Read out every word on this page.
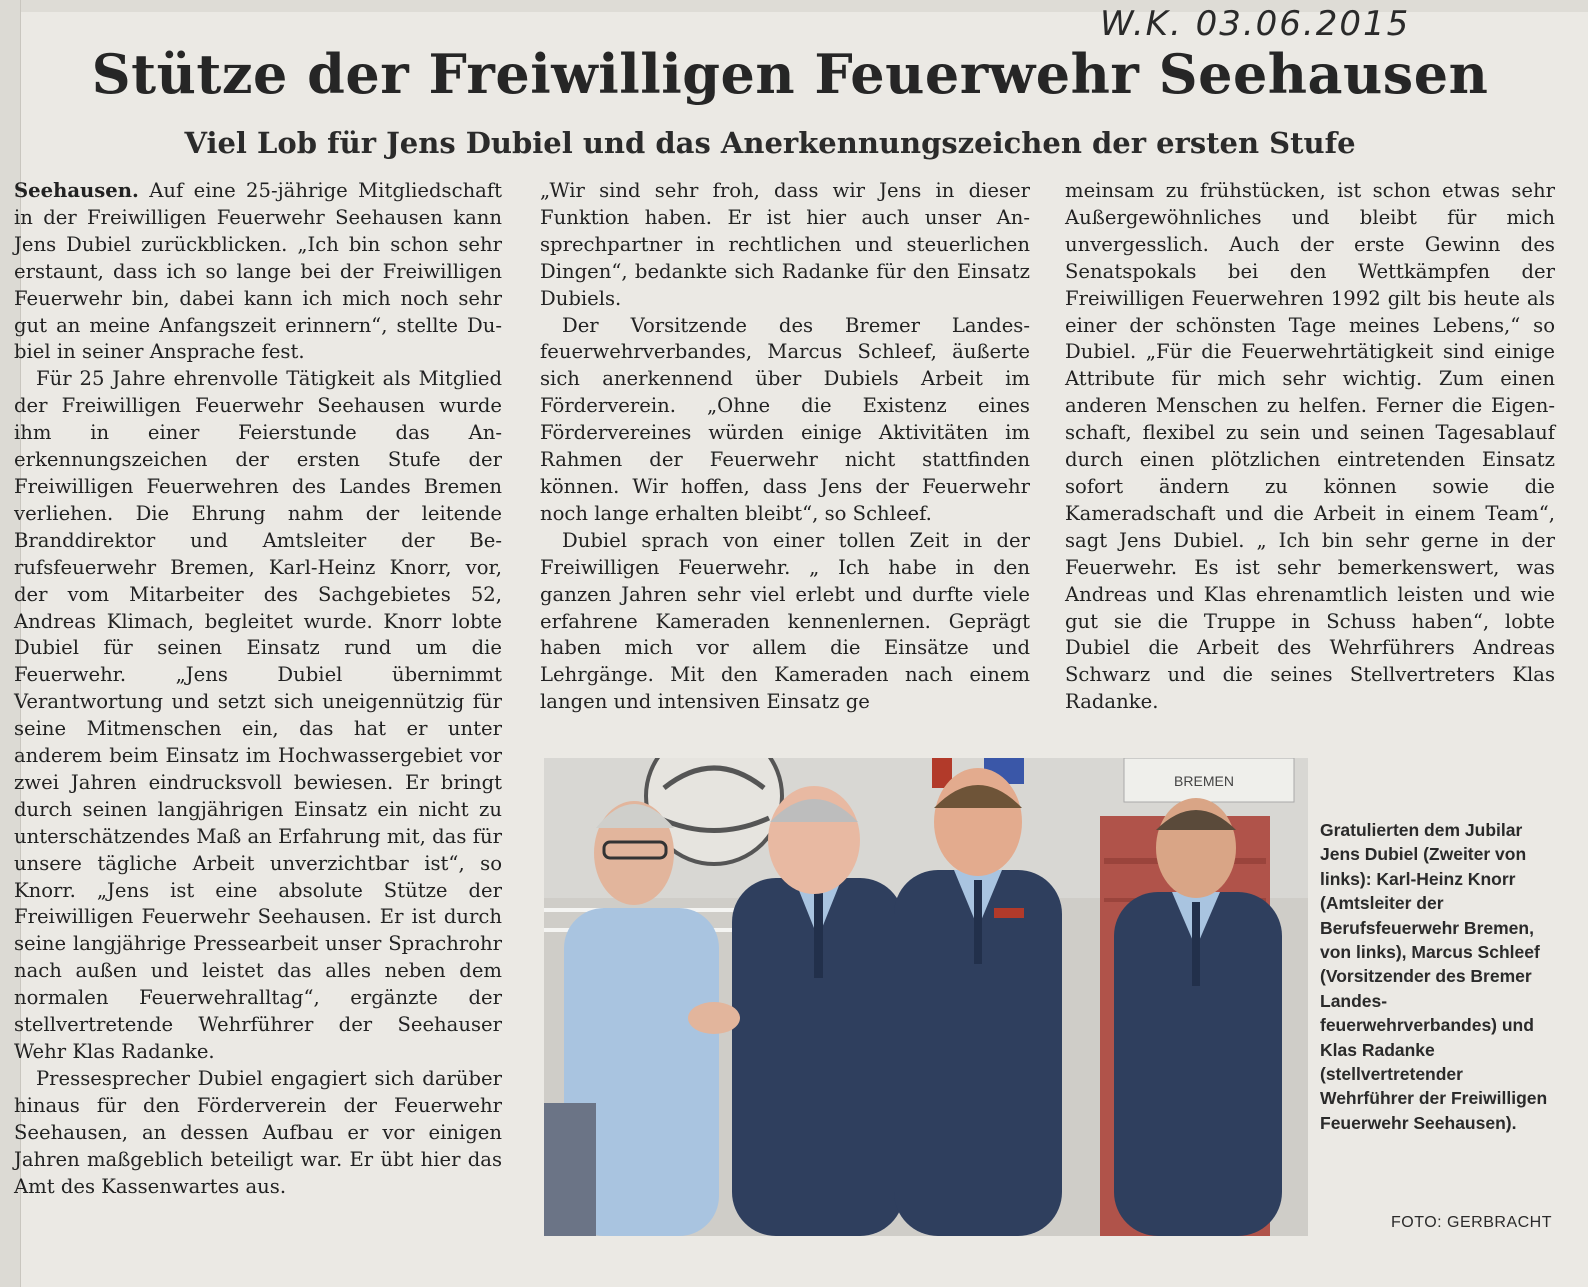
W.K. 03.06.2015
Stütze der Freiwilligen Feuerwehr Seehausen
Viel Lob für Jens Dubiel und das Anerkennungszeichen der ersten Stufe

Seehausen. Auf eine 25-jährige Mitgliedschaft in der Freiwilligen Feuerwehr Seehausen kann Jens Dubiel zurückblicken. „Ich bin schon sehr erstaunt, dass ich so lange bei der Freiwilligen Feuerwehr bin, dabei kann ich mich noch sehr gut an meine Anfangszeit erinnern“, stellte Dubiel in seiner Ansprache fest.

Für 25 Jahre ehrenvolle Tätigkeit als Mitglied der Freiwilligen Feuerwehr Seehausen wurde ihm in einer Feierstunde das Anerkennungszeichen der ersten Stufe der Freiwilligen Feuerwehren des Landes Bremen verliehen. Die Ehrung nahm der leitende Branddirektor und Amtsleiter der Berufsfeuerwehr Bremen, Karl-Heinz Knorr, vor, der vom Mitarbeiter des Sachgebietes 52, Andreas Klimach, begleitet wurde. Knorr lobte Dubiel für seinen Einsatz rund um die Feuerwehr. „Jens Dubiel übernimmt Verantwortung und setzt sich uneigennützig für seine Mitmenschen ein, das hat er unter anderem beim Einsatz im Hochwassergebiet vor zwei Jahren eindrucksvoll bewiesen. Er bringt durch seinen langjährigen Einsatz ein nicht zu unterschätzendes Maß an Erfahrung mit, das für unsere tägliche Arbeit unverzichtbar ist“, so Knorr. „Jens ist eine absolute Stütze der Freiwilligen Feuerwehr Seehausen. Er ist durch seine langjährige Pressearbeit unser Sprachrohr nach außen und leistet das alles neben dem normalen Feuerwehralltag“, ergänzte der stellvertretende Wehrführer der Seehauser Wehr Klas Radanke.

Pressesprecher Dubiel engagiert sich darüber hinaus für den Förderverein der Feuerwehr Seehausen, an dessen Aufbau er vor einigen Jahren maßgeblich beteiligt war. Er übt hier das Amt des Kassenwartes aus.

„Wir sind sehr froh, dass wir Jens in dieser Funktion haben. Er ist hier auch unser Ansprechpartner in rechtlichen und steuerlichen Dingen“, bedankte sich Radanke für den Einsatz Dubiels.

Der Vorsitzende des Bremer Landesfeuerwehrverbandes, Marcus Schleef, äußerte sich anerkennend über Dubiels Arbeit im Förderverein. „Ohne die Existenz eines Fördervereines würden einige Aktivitäten im Rahmen der Feuerwehr nicht stattfinden können. Wir hoffen, dass Jens der Feuerwehr noch lange erhalten bleibt“, so Schleef.

Dubiel sprach von einer tollen Zeit in der Freiwilligen Feuerwehr. „ Ich habe in den ganzen Jahren sehr viel erlebt und durfte viele erfahrene Kameraden kennenlernen. Geprägt haben mich vor allem die Einsätze und Lehrgänge. Mit den Kameraden nach einem langen und intensiven Einsatz ge

meinsam zu frühstücken, ist schon etwas sehr Außergewöhnliches und bleibt für mich unvergesslich. Auch der erste Gewinn des Senatspokals bei den Wettkämpfen der Freiwilligen Feuerwehren 1992 gilt bis heute als einer der schönsten Tage meines Lebens,“ so Dubiel. „Für die Feuerwehrtätigkeit sind einige Attribute für mich sehr wichtig. Zum einen anderen Menschen zu helfen. Ferner die Eigenschaft, flexibel zu sein und seinen Tagesablauf durch einen plötzlichen eintretenden Einsatz sofort ändern zu können sowie die Kameradschaft und die Arbeit in einem Team“, sagt Jens Dubiel. „ Ich bin sehr gerne in der Feuerwehr. Es ist sehr bemerkenswert, was Andreas und Klas ehrenamtlich leisten und wie gut sie die Truppe in Schuss haben“, lobte Dubiel die Arbeit des Wehrführers Andreas Schwarz und die seines Stellvertreters Klas Radanke.

BREMEN
Gratulierten dem Jubilar Jens Dubiel (Zweiter von links): Karl-Heinz Knorr (Amtsleiter der Berufsfeuerwehr Bremen, von links), Marcus Schleef (Vorsitzender des Bremer Landesfeuerwehrverbandes) und Klas Radanke (stellvertretender Wehrführer der Freiwilligen Feuerwehr Seehausen).
FOTO: GERBRACHT
